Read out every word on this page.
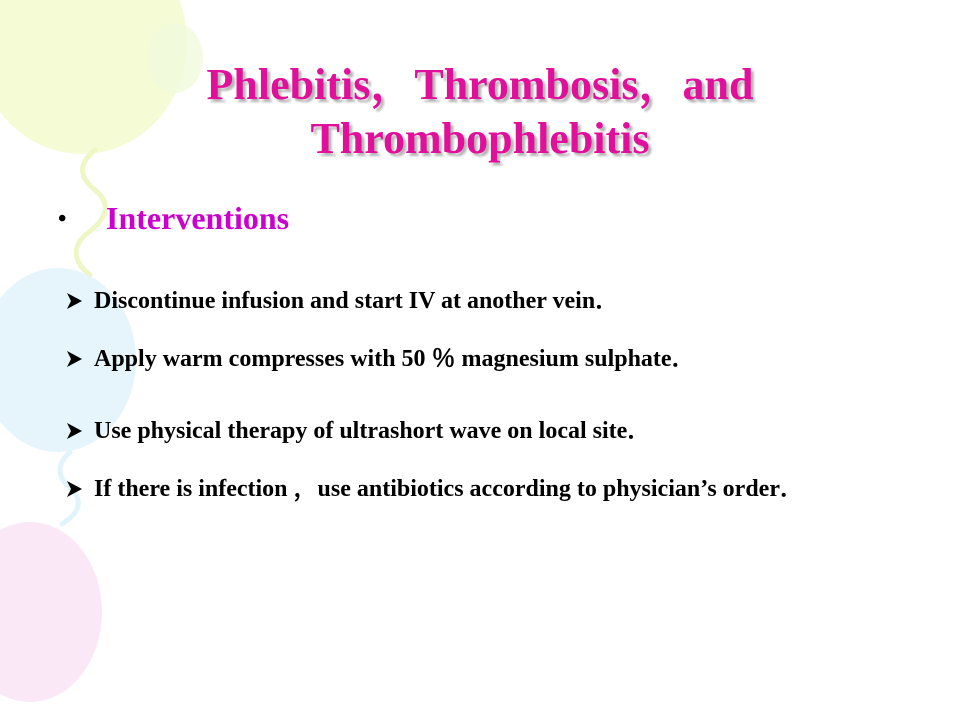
Phlebitis，Thrombosis，and
Thrombophlebitis
• Interventions
Discontinue infusion and start IV at another vein．
Apply warm compresses with 50 ％ magnesium sulphate．
Use physical therapy of ultrashort wave on local site．
If there is infection ，use antibiotics according to physician’s order．
